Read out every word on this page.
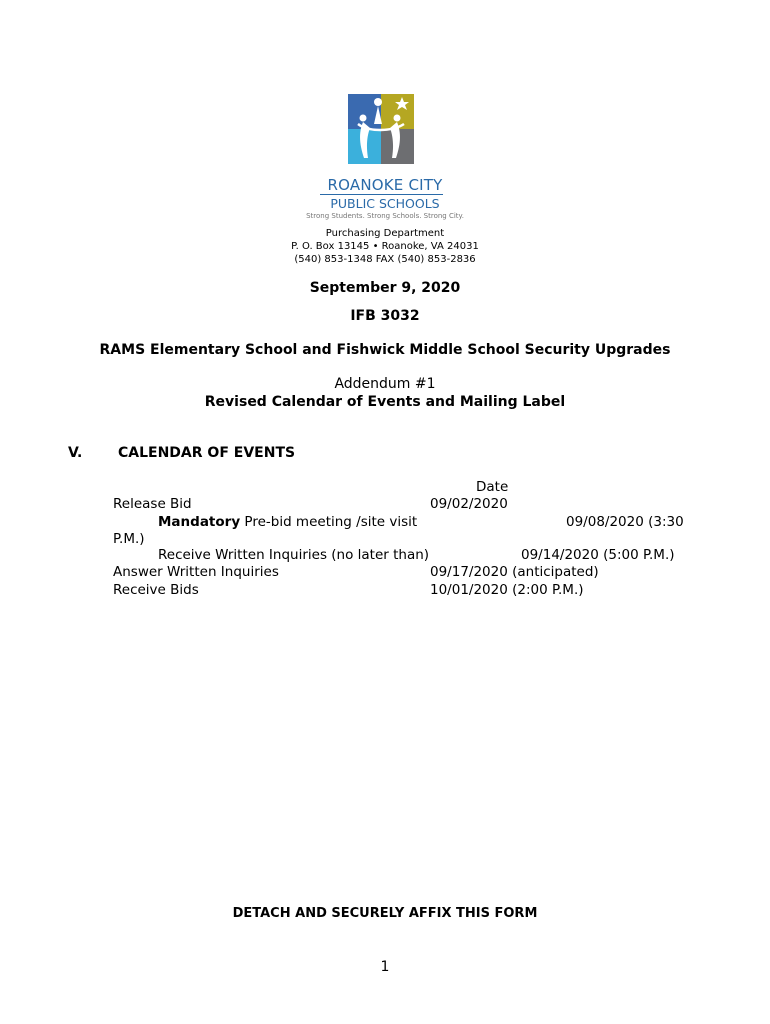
ROANOKE CITY
PUBLIC SCHOOLS
Strong Students. Strong Schools. Strong City.
Purchasing Department
P. O. Box 13145 • Roanoke, VA 24031
(540) 853-1348 FAX (540) 853-2836
September 9, 2020
IFB 3032
RAMS Elementary School and Fishwick Middle School Security Upgrades
Addendum #1
Revised Calendar of Events and Mailing Label
V.	CALENDAR OF EVENTS
Date
Release Bid	09/02/2020
Mandatory Pre-bid meeting /site visit	09/08/2020 (3:30
P.M.)
Receive Written Inquiries (no later than)	09/14/2020 (5:00 P.M.)
Answer Written Inquiries	09/17/2020 (anticipated)
Receive Bids	10/01/2020 (2:00 P.M.)
DETACH AND SECURELY AFFIX THIS FORM
1
